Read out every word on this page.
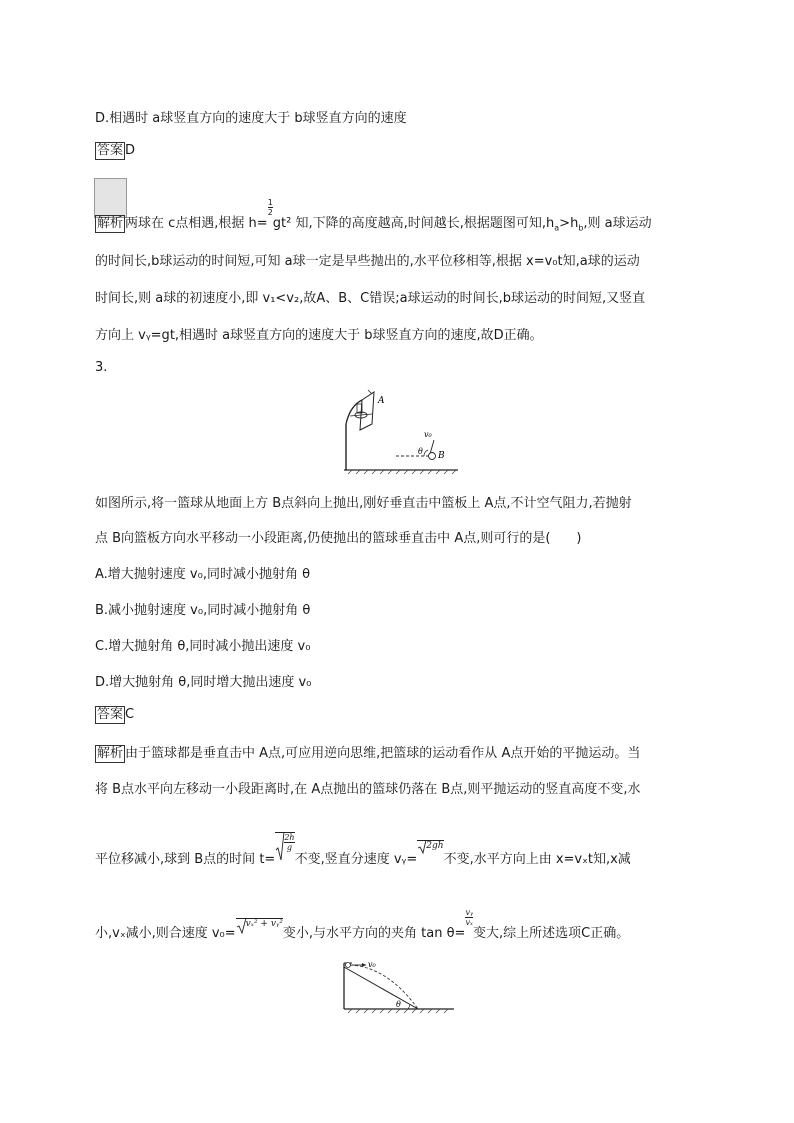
D.相遇时 a球竖直方向的速度大于 b球竖直方向的速度
答案 D
解析 两球在 c点相遇,根据 h=
$\frac{1}{2}$
gt² 知,下降的高度越高,时间越长,根据题图可知$,h_a>h_b$,则 a球运动
的时间长,b球运动的时间短,可知 a球一定是早些抛出的,水平位移相等,根据 x=v₀t知,a球的运动
时间长,则 a球的初速度小,即 v₁<v₂,故A、B、C错误;a球运动的时间长,b球运动的时间短,又竖直
方向上 vᵧ=gt,相遇时 a球竖直方向的速度大于 b球竖直方向的速度,故D正确。
3.
A
v₀
θ B
如图所示,将一篮球从地面上方 B点斜向上抛出,刚好垂直击中篮板上 A点,不计空气阻力,若抛射
点 B向篮板方向水平移动一小段距离,仍使抛出的篮球垂直击中 A点,则可行的是(　　)
A.增大抛射速度 v₀,同时减小抛射角 θ
B.减小抛射速度 v₀,同时减小抛射角 θ
C.增大抛射角 θ,同时减小抛出速度 v₀
D.增大抛射角 θ,同时增大抛出速度 v₀
答案 C
解析 由于篮球都是垂直击中 A点,可应用逆向思维,把篮球的运动看作从 A点开始的平抛运动。当
将 B点水平向左移动一小段距离时,在 A点抛出的篮球仍落在 B点,则平抛运动的竖直高度不变,水
平位移减小,球到 B点的时间 t=
$\frac{2h}{g}$
不变,竖直分速度 vᵧ=
2gh不变,水平方向上由 x=vₓt知,x减
小,vₓ减小,则合速度 v₀=
vₓ² + vᵧ²变小,与水平方向的夹角 tan θ=
$\frac{\text{vᵧ}}{\text{vₓ}}$
变大,综上所述选项C正确。
v₀
θ
